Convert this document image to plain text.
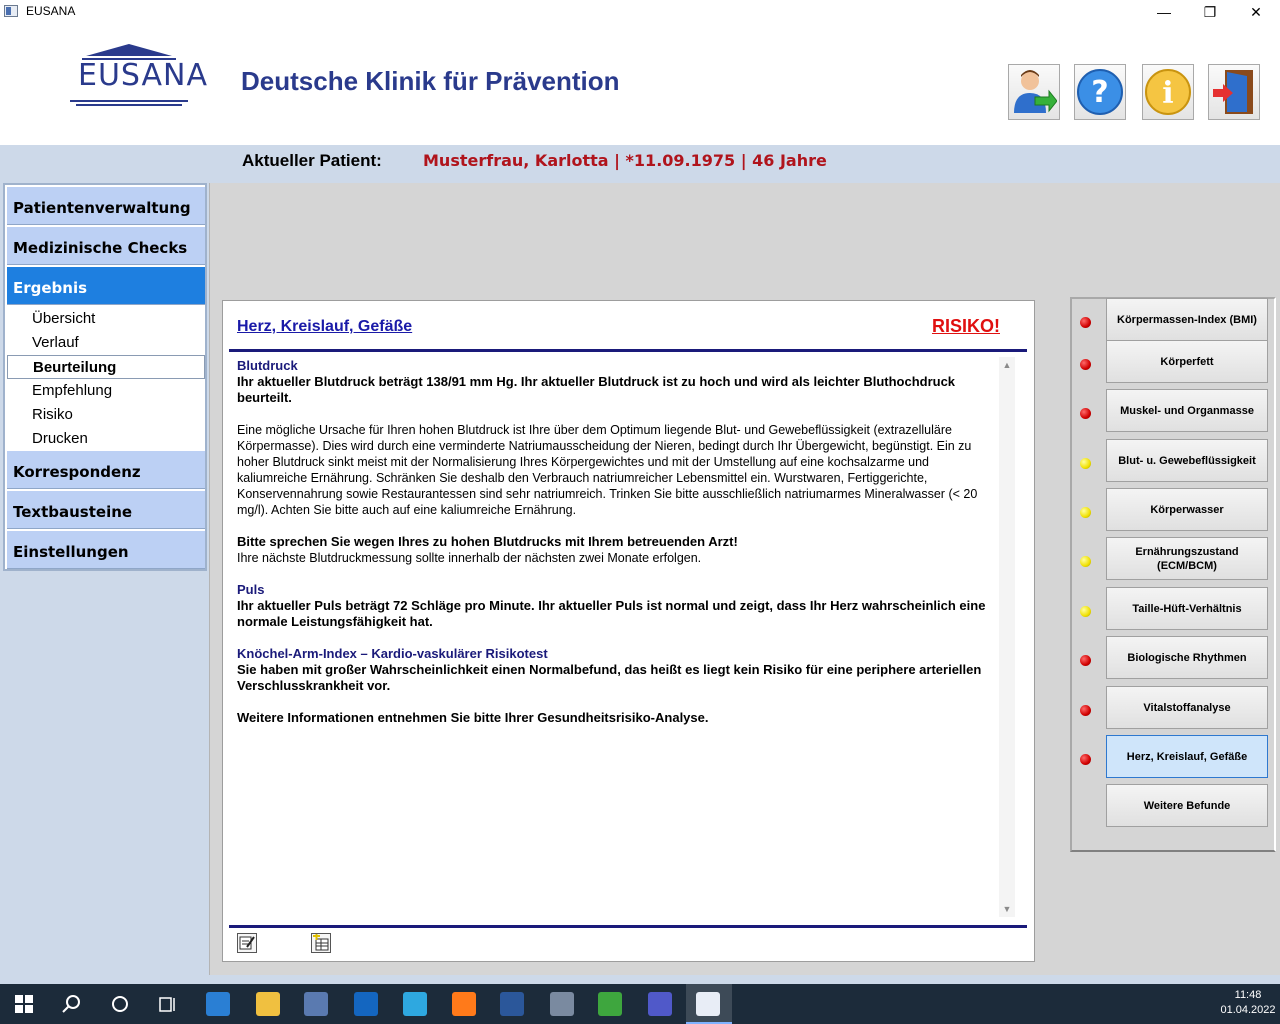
EUSANA	—	❐	✕
EUSANA Deutsche Klinik für Prävention	? i
Aktueller Patient:	Musterfrau, Karlotta | *11.09.1975 | 46 Jahre
Patientenverwaltung
Medizinische Checks
Ergebnis
Übersicht
Verlauf
Beurteilung
Empfehlung
Risiko
Drucken
Korrespondenz
Textbausteine
Einstellungen
Herz, Kreislauf, Gefäße	RISIKO!
Blutdruck
Ihr aktueller Blutdruck beträgt 138/91 mm Hg. Ihr aktueller Blutdruck ist zu hoch und wird als leichter Bluthochdruck beurteilt.
Eine mögliche Ursache für Ihren hohen Blutdruck ist Ihre über dem Optimum liegende Blut- und Gewebeflüssigkeit (extrazelluläre Körpermasse). Dies wird durch eine verminderte Natriumausscheidung der Nieren, bedingt durch Ihr Übergewicht, begünstigt. Ein zu hoher Blutdruck sinkt meist mit der Normalisierung Ihres Körpergewichtes und mit der Umstellung auf eine kochsalzarme und kaliumreiche Ernährung. Schränken Sie deshalb den Verbrauch natriumreicher Lebensmittel ein. Wurstwaren, Fertiggerichte, Konservennahrung sowie Restaurantessen sind sehr natriumreich. Trinken Sie bitte ausschließlich natriumarmes Mineralwasser (< 20 mg/l). Achten Sie bitte auch auf eine kaliumreiche Ernährung.
Bitte sprechen Sie wegen Ihres zu hohen Blutdrucks mit Ihrem betreuenden Arzt!
Ihre nächste Blutdruckmessung sollte innerhalb der nächsten zwei Monate erfolgen.
Puls
Ihr aktueller Puls beträgt 72 Schläge pro Minute. Ihr aktueller Puls ist normal und zeigt, dass Ihr Herz wahrscheinlich eine normale Leistungsfähigkeit hat.
Knöchel-Arm-Index – Kardio-vaskulärer Risikotest
Sie haben mit großer Wahrscheinlichkeit einen Normalbefund, das heißt es liegt kein Risiko für eine periphere arteriellen Verschlusskrankheit vor.
Weitere Informationen entnehmen Sie bitte Ihrer Gesundheitsrisiko-Analyse.
▲
▼
11:48
01.04.2022
Körpermassen-Index (BMI)
Körperfett
Muskel- und Organmasse
Blut- u. Gewebeflüssigkeit
Körperwasser
Ernährungszustand (ECM/BCM)
Taille-Hüft-Verhältnis
Biologische Rhythmen
Vitalstoffanalyse
Herz, Kreislauf, Gefäße
Weitere Befunde
